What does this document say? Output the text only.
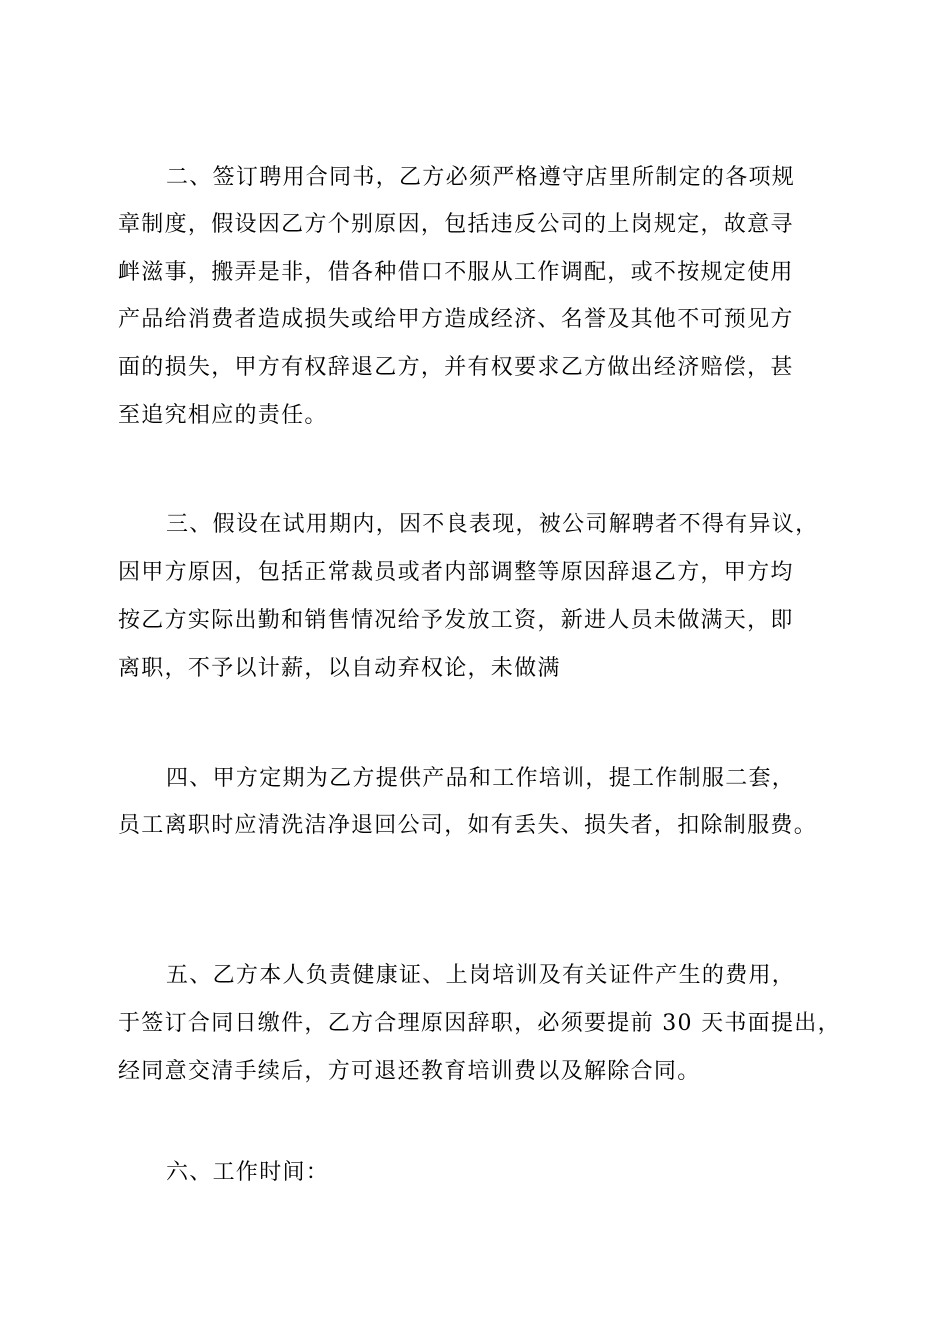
二、签订聘用合同书，乙方必须严格遵守店里所制定的各项规

章制度，假设因乙方个别原因，包括违反公司的上岗规定，故意寻

衅滋事，搬弄是非，借各种借口不服从工作调配，或不按规定使用

产品给消费者造成损失或给甲方造成经济、名誉及其他不可预见方

面的损失，甲方有权辞退乙方，并有权要求乙方做出经济赔偿，甚

至追究相应的责任。

三、假设在试用期内，因不良表现，被公司解聘者不得有异议，

因甲方原因，包括正常裁员或者内部调整等原因辞退乙方，甲方均

按乙方实际出勤和销售情况给予发放工资，新进人员未做满天，即

离职，不予以计薪，以自动弃权论，未做满

四、甲方定期为乙方提供产品和工作培训，提工作制服二套，

员工离职时应清洗洁净退回公司，如有丢失、损失者，扣除制服费。

五、乙方本人负责健康证、上岗培训及有关证件产生的费用，

于签订合同日缴件，乙方合理原因辞职，必须要提前 30 天书面提出，

经同意交清手续后，方可退还教育培训费以及解除合同。

六、工作时间：
